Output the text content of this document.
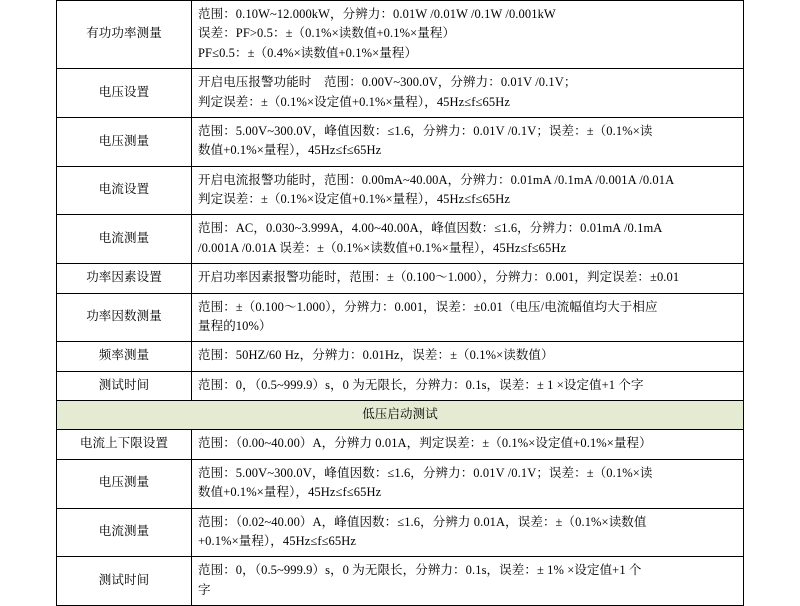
有功功率测量	范围：0.10W~12.000kW，分辨力：0.01W /0.01W /0.1W /0.001kW
误差：PF>0.5：±（0.1%×读数值+0.1%×量程）
PF≤0.5：±（0.4%×读数值+0.1%×量程）

电压设置	开启电压报警功能时　范围：0.00V~300.0V，分辨力：0.01V /0.1V；
判定误差：±（0.1%×设定值+0.1%×量程），45Hz≤f≤65Hz

电压测量	范围：5.00V~300.0V，峰值因数：≤1.6，分辨力：0.01V /0.1V；误差：±（0.1%×读
数值+0.1%×量程），45Hz≤f≤65Hz

电流设置	开启电流报警功能时，范围：0.00mA~40.00A，分辨力：0.01mA /0.1mA /0.001A /0.01A
判定误差：±（0.1%×设定值+0.1%×量程），45Hz≤f≤65Hz

电流测量	范围：AC，0.030~3.999A，4.00~40.00A，峰值因数：≤1.6，分辨力：0.01mA /0.1mA
/0.001A /0.01A 误差：±（0.1%×读数值+0.1%×量程），45Hz≤f≤65Hz

功率因素设置	开启功率因素报警功能时，范围：±（0.100～1.000），分辨力：0.001，判定误差：±0.01

功率因数测量	范围：±（0.100～1.000），分辨力：0.001，误差：±0.01（电压/电流幅值均大于相应
量程的10%）

频率测量	范围：50HZ/60 Hz，分辨力：0.01Hz，误差：±（0.1%×读数值）

测试时间	范围：0，（0.5~999.9）s，0 为无限长，分辨力：0.1s，误差：± 1 ×设定值+1 个字

低压启动测试	
电流上下限设置	范围：（0.00~40.00）A，分辨力 0.01A，判定误差：±（0.1%×设定值+0.1%×量程）

电压测量	范围：5.00V~300.0V，峰值因数：≤1.6，分辨力：0.01V /0.1V；误差：±（0.1%×读
数值+0.1%×量程），45Hz≤f≤65Hz

电流测量	范围：（0.02~40.00）A，峰值因数：≤1.6，分辨力 0.01A，误差：±（0.1%×读数值
+0.1%×量程），45Hz≤f≤65Hz

测试时间	范围：0，（0.5~999.9）s，0 为无限长，分辨力：0.1s，误差：± 1% ×设定值+1 个
字
